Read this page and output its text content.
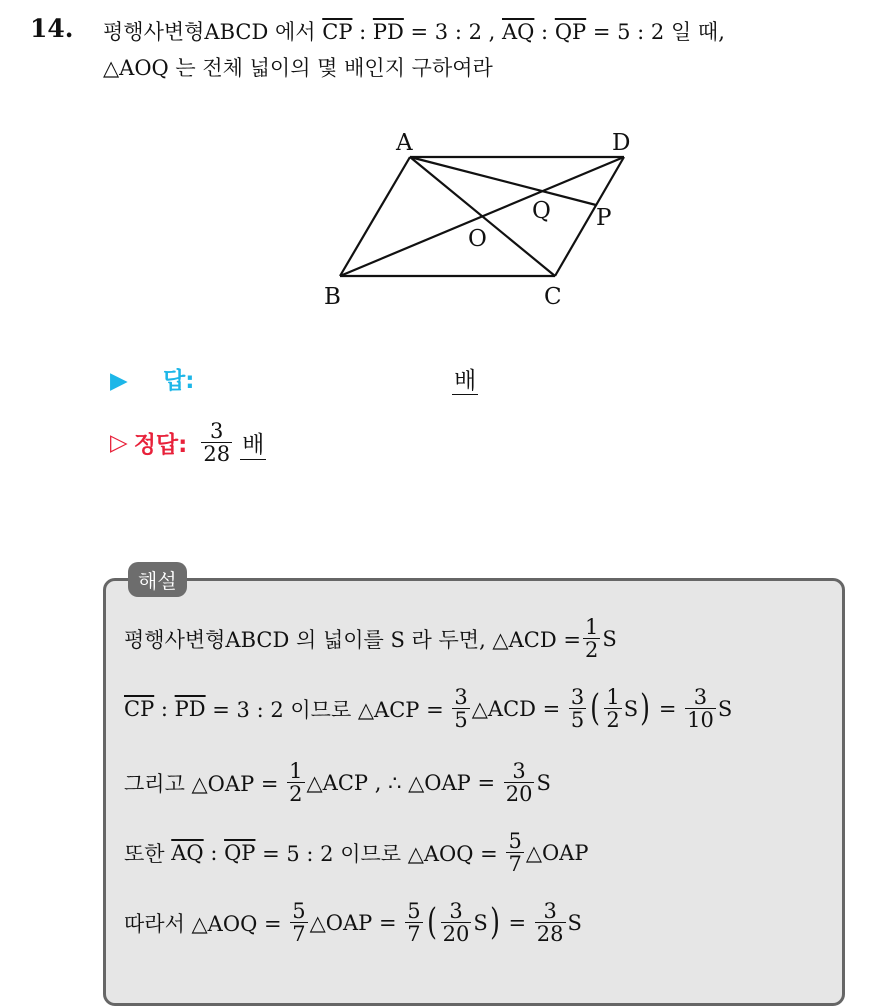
14. 평행사변형ABCD 에서 $\overline{CP}$ : $\overline{PD} = 3$ : 2 , $\overline{AQ}$ : $\overline{QP} = 5$ : 2 일 때,
△AOQ 는 전체 넓이의 몇 배인지 구하여라
A	D
B	C
O
P
Q
▶ 답:	배
▷ 정답: $\frac{3}{28}$ 배
해설
평행사변형ABCD 의 넓이를 S 라 두면, △ACD = $\frac{1}{2}$ S
$\overline{CP}$ : $\overline{PD} = 3$ : 2 이므로 △ACP = $\frac{3}{5}$ △ACD = $\frac{3}{5}$ ( $\frac{1}{2}$ S ) = $\frac{3}{10}$ S
그리고 △OAP = $\frac{1}{2}$ △ACP , ∴ △OAP = $\frac{3}{20}$ S
또한 $\overline{AQ}$ : $\overline{QP} = 5$ : 2 이므로 △AOQ = $\frac{5}{7}$ △OAP
따라서 △AOQ = $\frac{5}{7}$ △OAP = $\frac{5}{7}$ ( $\frac{3}{20}$ S ) = $\frac{3}{28}$ S
